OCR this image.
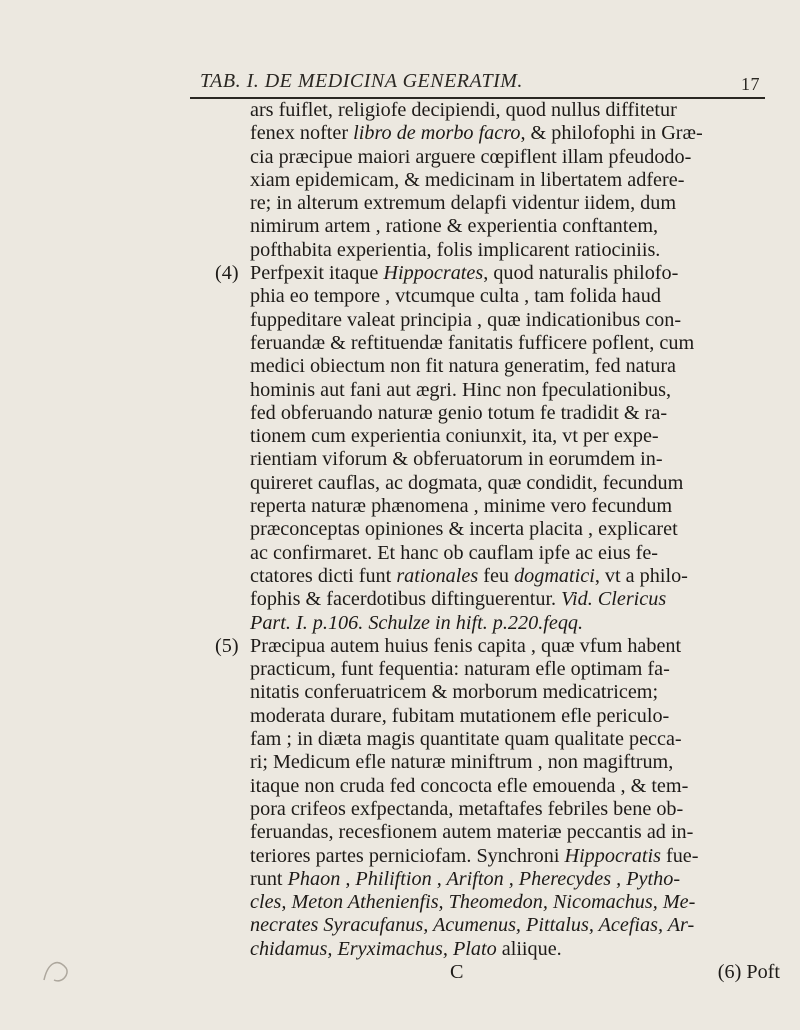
TAB. I. DE MEDICINA GENERATIM.	17
ars fuiflet, religiofe decipiendi, quod nullus diffitetur
fenex nofter libro de morbo facro, & philofophi in Græ-
cia præcipue maiori arguere cœpiflent illam pfeudodo-
xiam epidemicam, & medicinam in libertatem adfere-
re; in alterum extremum delapfi videntur iidem, dum
nimirum artem , ratione & experientia conftantem,
pofthabita experientia, folis implicarent ratiociniis.
(4) Perfpexit itaque Hippocrates, quod naturalis philofo-
phia eo tempore , vtcumque culta , tam folida haud
fuppeditare valeat principia , quæ indicationibus con-
feruandæ & reftituendæ fanitatis fufficere poflent, cum
medici obiectum non fit natura generatim, fed natura
hominis aut fani aut ægri. Hinc non fpeculationibus,
fed obferuando naturæ genio totum fe tradidit & ra-
tionem cum experientia coniunxit, ita, vt per expe-
rientiam viforum & obferuatorum in eorumdem in-
quireret cauflas, ac dogmata, quæ condidit, fecundum
reperta naturæ phænomena , minime vero fecundum
præconceptas opiniones & incerta placita , explicaret
ac confirmaret. Et hanc ob cauflam ipfe ac eius fe-
ctatores dicti funt rationales feu dogmatici, vt a philo-
fophis & facerdotibus diftinguerentur. Vid. Clericus
Part. I. p.106. Schulze in hift. p.220.feqq.
(5) Præcipua autem huius fenis capita , quæ vfum habent
practicum, funt fequentia: naturam efle optimam fa-
nitatis conferuatricem & morborum medicatricem;
moderata durare, fubitam mutationem efle periculo-
fam ; in diæta magis quantitate quam qualitate pecca-
ri; Medicum efle naturæ miniftrum , non magiftrum,
itaque non cruda fed concocta efle emouenda , & tem-
pora crifeos exfpectanda, metaftafes febriles bene ob-
feruandas, recesfionem autem materiæ peccantis ad in-
teriores partes perniciofam. Synchroni Hippocratis fue-
runt Phaon , Philiftion , Arifton , Pherecydes , Pytho-
cles, Meton Athenienfis, Theomedon, Nicomachus, Me-
necrates Syracufanus, Acumenus, Pittalus, Acefias, Ar-
chidamus, Eryximachus, Plato aliique.
C	(6) Poft
